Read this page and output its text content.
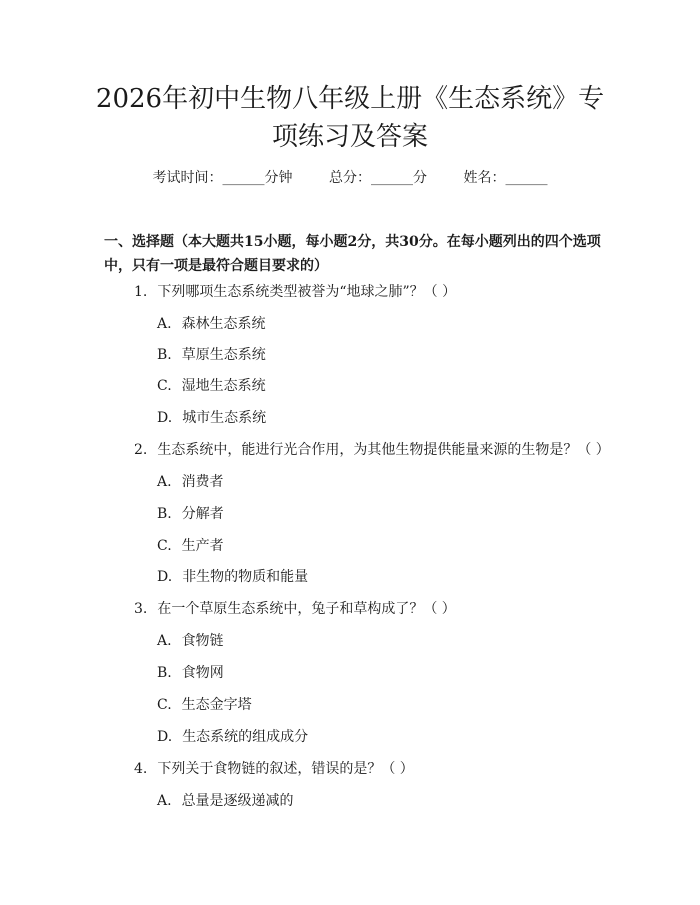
2026年初中生物八年级上册《生态系统》专
项练习及答案
考试时间：______分钟	总分：______分	姓名：______

一、选择题（本大题共15小题，每小题2分，共30分。在每小题列出的四个选项中，只有一项是最符合题目要求的）

1. 下列哪项生态系统类型被誉为“地球之肺”？（ ）
A. 森林生态系统
B. 草原生态系统
C. 湿地生态系统
D. 城市生态系统
2. 生态系统中，能进行光合作用，为其他生物提供能量来源的生物是？（ ）
A. 消费者
B. 分解者
C. 生产者
D. 非生物的物质和能量
3. 在一个草原生态系统中，兔子和草构成了？（ ）
A. 食物链
B. 食物网
C. 生态金字塔
D. 生态系统的组成成分
4. 下列关于食物链的叙述，错误的是？（ ）
A. 总量是逐级递减的
